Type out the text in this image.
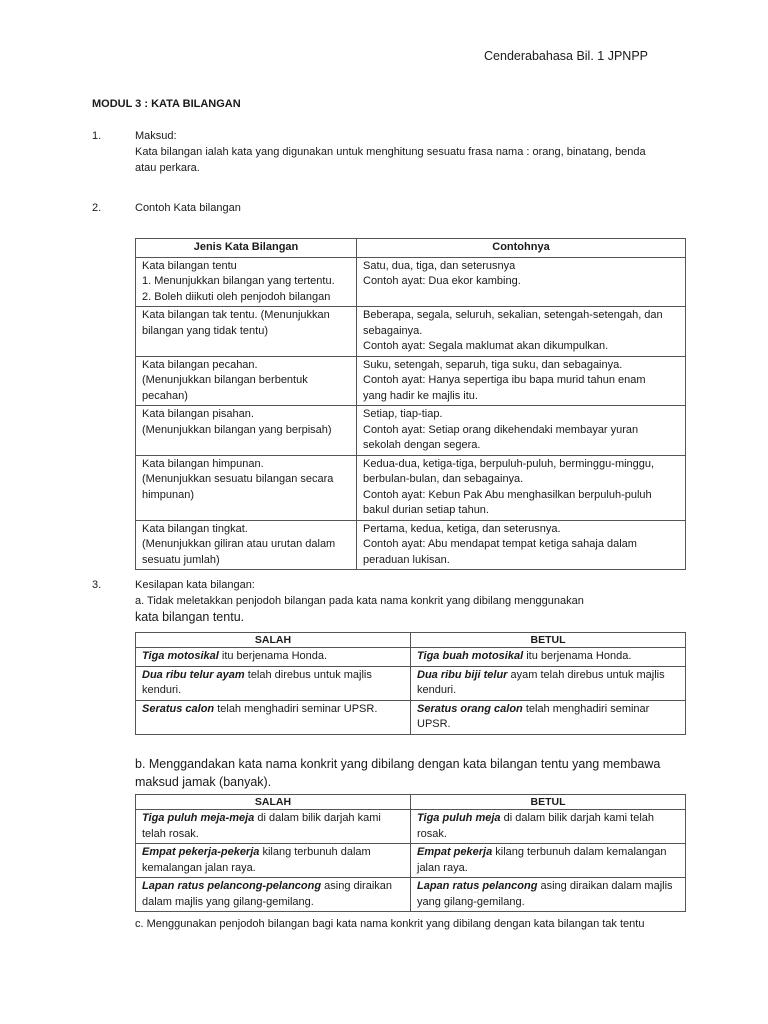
Cenderabahasa Bil. 1 JPNPP
MODUL 3 : KATA BILANGAN
1.	Maksud:
Kata bilangan ialah kata yang digunakan untuk menghitung sesuatu frasa nama : orang, binatang, benda
atau perkara.
2.	Contoh Kata bilangan
Jenis Kata Bilangan	Contohnya

Kata bilangan tentu
1. Menunjukkan bilangan yang tertentu.
2. Boleh diikuti oleh penjodoh bilangan	Satu, dua, tiga, dan seterusnya
Contoh ayat: Dua ekor kambing.

Kata bilangan tak tentu. (Menunjukkan
bilangan yang tidak tentu)	Beberapa, segala, seluruh, sekalian, setengah-setengah, dan
sebagainya.
Contoh ayat: Segala maklumat akan dikumpulkan.

Kata bilangan pecahan.
(Menunjukkan bilangan berbentuk
pecahan)	Suku, setengah, separuh, tiga suku, dan sebagainya.
Contoh ayat: Hanya sepertiga ibu bapa murid tahun enam
yang hadir ke majlis itu.

Kata bilangan pisahan.
(Menunjukkan bilangan yang berpisah)	Setiap, tiap-tiap.
Contoh ayat: Setiap orang dikehendaki membayar yuran
sekolah dengan segera.

Kata bilangan himpunan.
(Menunjukkan sesuatu bilangan secara
himpunan)	Kedua-dua, ketiga-tiga, berpuluh-puluh, berminggu-minggu,
berbulan-bulan, dan sebagainya.
Contoh ayat: Kebun Pak Abu menghasilkan berpuluh-puluh
bakul durian setiap tahun.

Kata bilangan tingkat.
(Menunjukkan giliran atau urutan dalam
sesuatu jumlah)	Pertama, kedua, ketiga, dan seterusnya.
Contoh ayat: Abu mendapat tempat ketiga sahaja dalam
peraduan lukisan.
3.	Kesilapan kata bilangan:
a. Tidak meletakkan penjodoh bilangan pada kata nama konkrit yang dibilang menggunakan
kata bilangan tentu.
SALAH	BETUL
Tiga motosikal itu berjenama Honda.	Tiga buah motosikal itu berjenama Honda.
Dua ribu telur ayam telah direbus untuk majlis kenduri.	Dua ribu biji telur ayam telah direbus untuk majlis kenduri.
Seratus calon telah menghadiri seminar UPSR.	Seratus orang calon telah menghadiri seminar UPSR.
b. Menggandakan kata nama konkrit yang dibilang dengan kata bilangan tentu yang membawa
maksud jamak (banyak).
SALAH	BETUL
Tiga puluh meja-meja di dalam bilik darjah kami telah rosak.	Tiga puluh meja di dalam bilik darjah kami telah rosak.
Empat pekerja-pekerja kilang terbunuh dalam kemalangan jalan raya.	Empat pekerja kilang terbunuh dalam kemalangan jalan raya.
Lapan ratus pelancong-pelancong asing diraikan dalam majlis yang gilang-gemilang.	Lapan ratus pelancong asing diraikan dalam majlis yang gilang-gemilang.
c. Menggunakan penjodoh bilangan bagi kata nama konkrit yang dibilang dengan kata bilangan tak tentu
